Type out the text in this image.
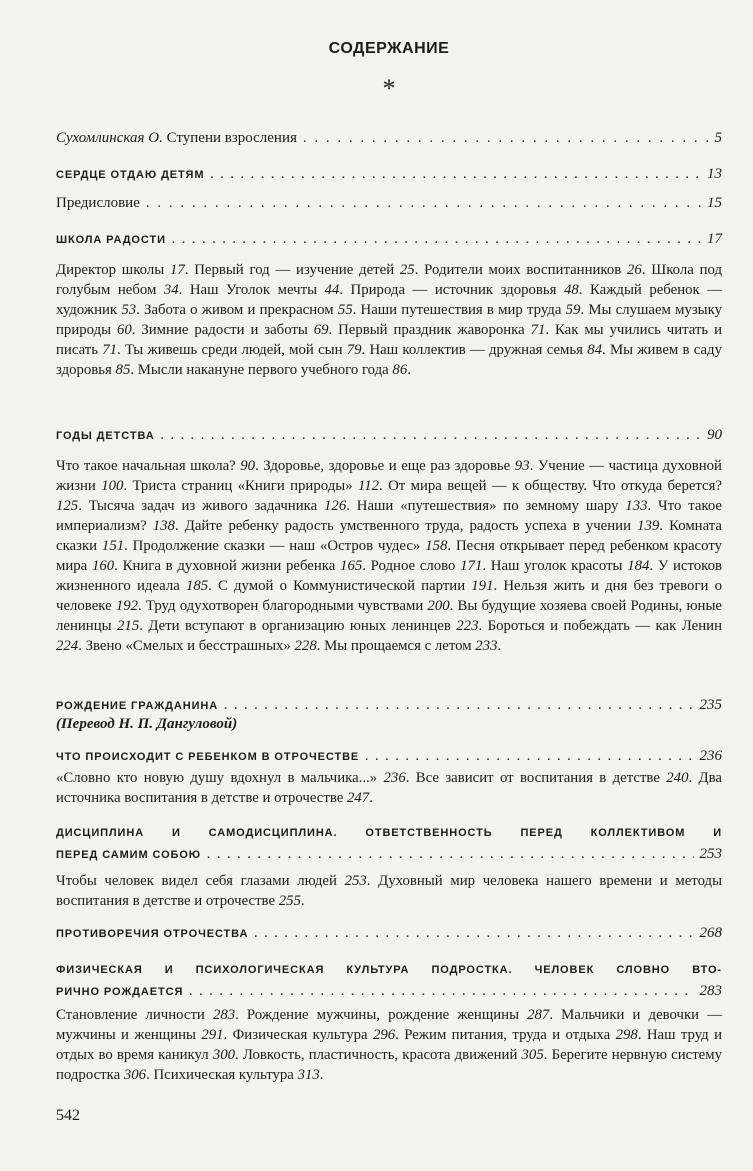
СОДЕРЖАНИЕ
*
Сухомлинская О. Ступени взросления . . .	5
СЕРДЦЕ ОТДАЮ ДЕТЯМ . . .	13
Предисловие . . .	15
ШКОЛА РАДОСТИ . . .	17
Директор школы 17. Первый год — изучение детей 25. Родители моих воспитанников 26. Школа под голубым небом 34. Наш Уголок мечты 44. Природа — источник здоровья 48. Каждый ребенок — художник 53. Забота о живом и прекрасном 55. Наши путешествия в мир труда 59. Мы слушаем музыку природы 60. Зимние радости и заботы 69. Первый праздник жаворонка 71. Как мы учились читать и писать 71. Ты живешь среди людей, мой сын 79. Наш коллектив — дружная семья 84. Мы живем в саду здоровья 85. Мысли накануне первого учебного года 86.
ГОДЫ ДЕТСТВА . . .	90
Что такое начальная школа? 90. Здоровье, здоровье и еще раз здоровье 93. Учение — частица духовной жизни 100. Триста страниц «Книги природы» 112. От мира вещей — к обществу. Что откуда берется? 125. Тысяча задач из живого задачника 126. Наши «путешествия» по земному шару 133. Что такое империализм? 138. Дайте ребенку радость умственного труда, радость успеха в учении 139. Комната сказки 151. Продолжение сказки — наш «Остров чудес» 158. Песня открывает перед ребенком красоту мира 160. Книга в духовной жизни ребенка 165. Родное слово 171. Наш уголок красоты 184. У истоков жизненного идеала 185. С думой о Коммунистической партии 191. Нельзя жить и дня без тревоги о человеке 192. Труд одухотворен благородными чувствами 200. Вы будущие хозяева своей Родины, юные ленинцы 215. Дети вступают в организацию юных ленинцев 223. Бороться и побеждать — как Ленин 224. Звено «Смелых и бесстрашных» 228. Мы прощаемся с летом 233.
РОЖДЕНИЕ ГРАЖДАНИНА . . .	235
(Перевод Н. П. Дангуловой)
ЧТО ПРОИСХОДИТ С РЕБЕНКОМ В ОТРОЧЕСТВЕ . . .	236
«Словно кто новую душу вдохнул в мальчика...» 236. Все зависит от воспитания в детстве 240. Два источника воспитания в детстве и отрочестве 247.
ДИСЦИПЛИНА И САМОДИСЦИПЛИНА. ОТВЕТСТВЕННОСТЬ ПЕРЕД КОЛЛЕКТИВОМ И
ПЕРЕД САМИМ СОБОЮ . . .	253
Чтобы человек видел себя глазами людей 253. Духовный мир человека нашего времени и методы воспитания в детстве и отрочестве 255.
ПРОТИВОРЕЧИЯ ОТРОЧЕСТВА . . .	268
ФИЗИЧЕСКАЯ И ПСИХОЛОГИЧЕСКАЯ КУЛЬТУРА ПОДРОСТКА. ЧЕЛОВЕК СЛОВНО ВТО-
РИЧНО РОЖДАЕТСЯ . . .	283
Становление личности 283. Рождение мужчины, рождение женщины 287. Мальчики и девочки — мужчины и женщины 291. Физическая культура 296. Режим питания, труда и отдыха 298. Наш труд и отдых во время каникул 300. Ловкость, пластичность, красота движений 305. Берегите нервную систему подростка 306. Психическая культура 313.
542
